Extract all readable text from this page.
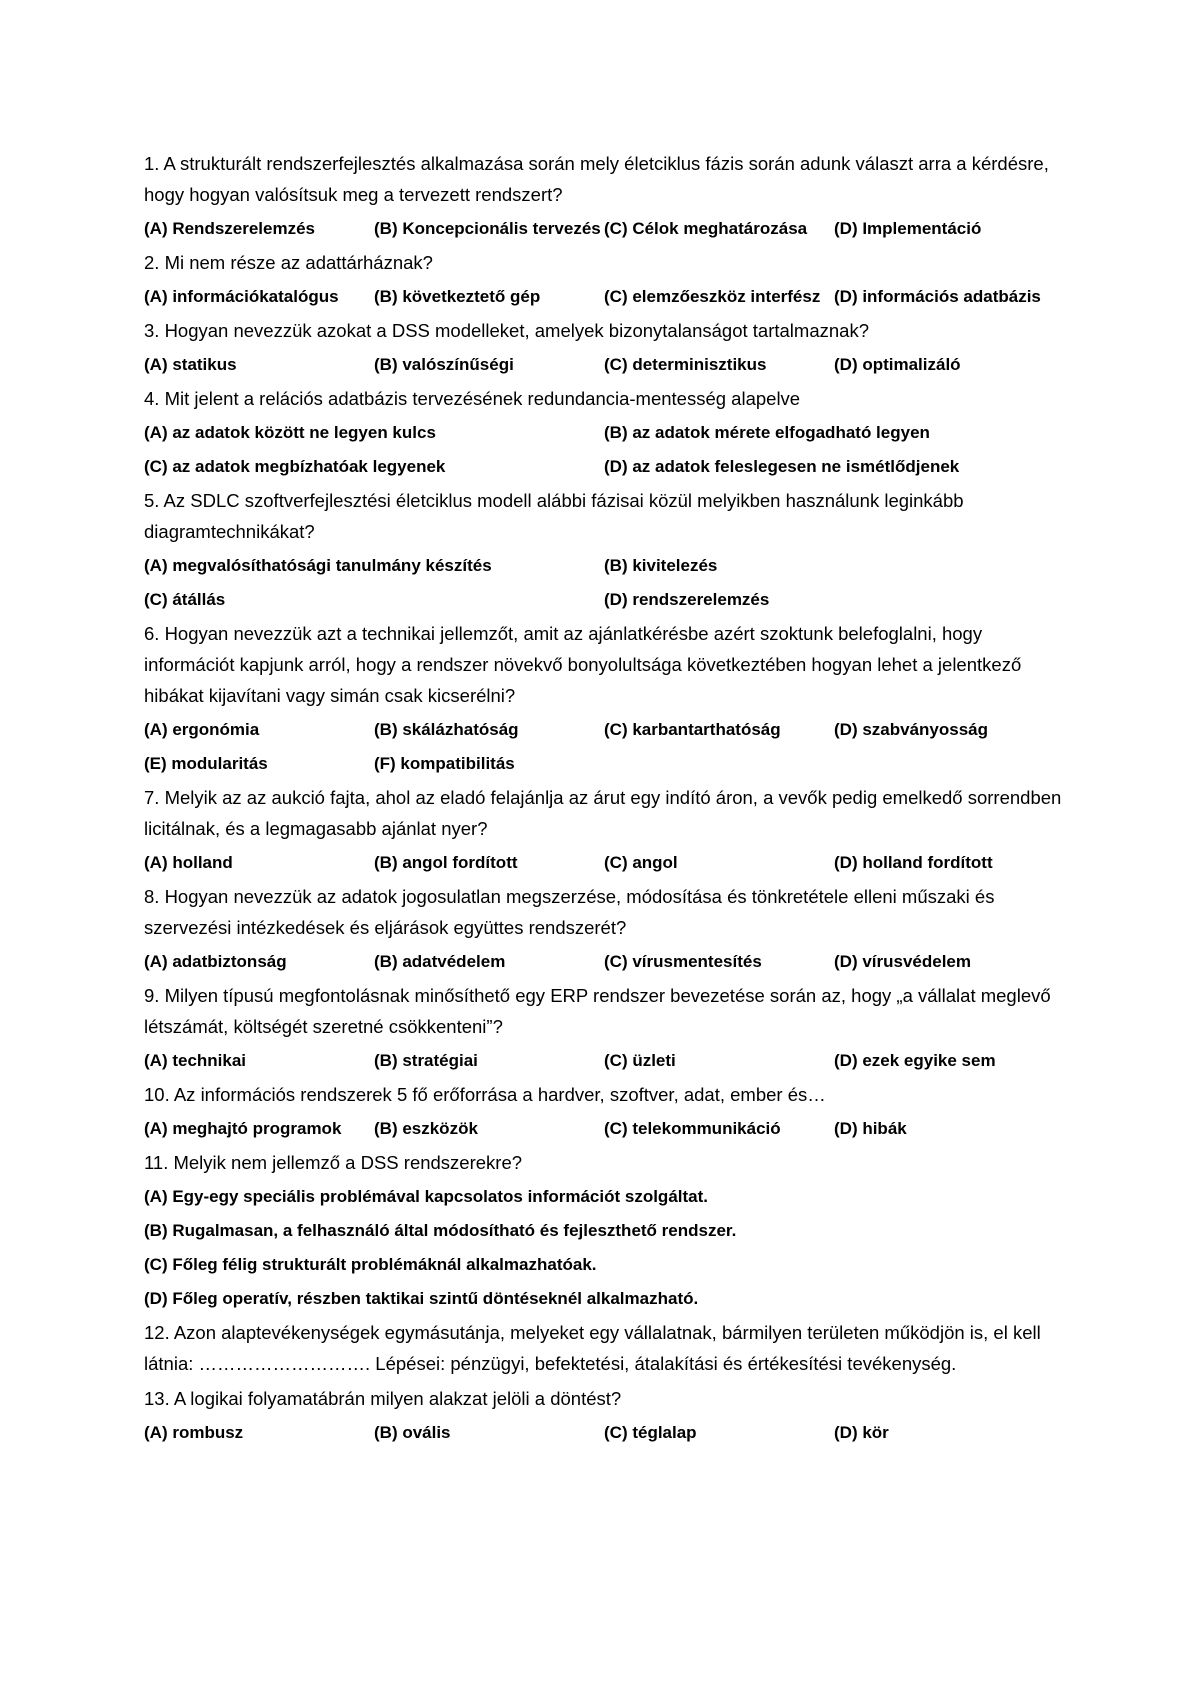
1. A strukturált rendszerfejlesztés alkalmazása során mely életciklus fázis során adunk választ arra a kérdésre, hogy hogyan valósítsuk meg a tervezett rendszert?

(A) Rendszerelemzés	(B) Koncepcionális tervezés (C) Célok meghatározása	(D) Implementáció

2. Mi nem része az adattárháznak?

(A) információkatalógus	(B) következtető gép	(C) elemzőeszköz interfész (D) információs adatbázis

3. Hogyan nevezzük azokat a DSS modelleket, amelyek bizonytalanságot tartalmaznak?

(A) statikus	(B) valószínűségi	(C) determinisztikus	(D) optimalizáló

4. Mit jelent a relációs adatbázis tervezésének redundancia-mentesség alapelve

(A) az adatok között ne legyen kulcs	(B) az adatok mérete elfogadható legyen
(C) az adatok megbízhatóak legyenek	(D) az adatok feleslegesen ne ismétlődjenek

5. Az SDLC szoftverfejlesztési életciklus modell alábbi fázisai közül melyikben használunk leginkább diagramtechnikákat?

(A) megvalósíthatósági tanulmány készítés	(B) kivitelezés
(C) átállás	(D) rendszerelemzés

6. Hogyan nevezzük azt a technikai jellemzőt, amit az ajánlatkérésbe azért szoktunk belefoglalni, hogy információt kapjunk arról, hogy a rendszer növekvő bonyolultsága következtében hogyan lehet a jelentkező hibákat kijavítani vagy simán csak kicserélni?

(A) ergonómia	(B) skálázhatóság	(C) karbantarthatóság	(D) szabványosság
(E) modularitás	(F) kompatibilitás

7. Melyik az az aukció fajta, ahol az eladó felajánlja az árut egy indító áron, a vevők pedig emelkedő sorrendben licitálnak, és a legmagasabb ajánlat nyer?

(A) holland	(B) angol fordított	(C) angol	(D) holland fordított

8. Hogyan nevezzük az adatok jogosulatlan megszerzése, módosítása és tönkretétele elleni műszaki és szervezési intézkedések és eljárások együttes rendszerét?

(A) adatbiztonság	(B) adatvédelem	(C) vírusmentesítés	(D) vírusvédelem

9. Milyen típusú megfontolásnak minősíthető egy ERP rendszer bevezetése során az, hogy „a vállalat meglevő létszámát, költségét szeretné csökkenteni”?

(A) technikai	(B) stratégiai	(C) üzleti	(D) ezek egyike sem

10. Az információs rendszerek 5 fő erőforrása a hardver, szoftver, adat, ember és…

(A) meghajtó programok	(B) eszközök	(C) telekommunikáció	(D) hibák

11. Melyik nem jellemző a DSS rendszerekre?

(A) Egy-egy speciális problémával kapcsolatos információt szolgáltat.
(B) Rugalmasan, a felhasználó által módosítható és fejleszthető rendszer.
(C) Főleg félig strukturált problémáknál alkalmazhatóak.
(D) Főleg operatív, részben taktikai szintű döntéseknél alkalmazható.

12. Azon alaptevékenységek egymásutánja, melyeket egy vállalatnak, bármilyen területen működjön is, el kell látnia: ………………………. Lépései: pénzügyi, befektetési, átalakítási és értékesítési tevékenység.

13. A logikai folyamatábrán milyen alakzat jelöli a döntést?

(A) rombusz	(B) ovális	(C) téglalap	(D) kör
